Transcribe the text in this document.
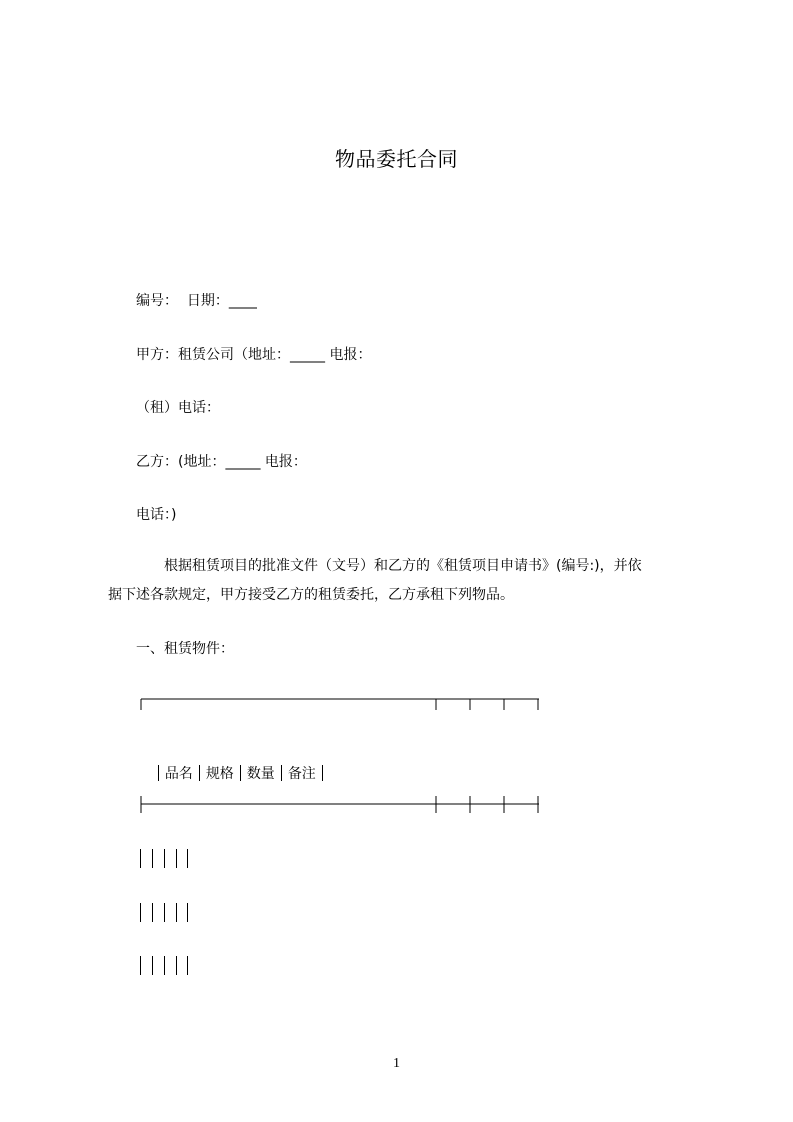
物品委托合同
编号：  日期：____
甲方：租赁公司（地址：_____ 电报：
（租）电话：
乙方：(地址：_____ 电报：
电话：)
根据租赁项目的批准文件（文号）和乙方的《租赁项目申请书》(编号:)，并依
据下述各款规定，甲方接受乙方的租赁委托，乙方承租下列物品。
一、租赁物件：

品名 规格 数量 备注

1
